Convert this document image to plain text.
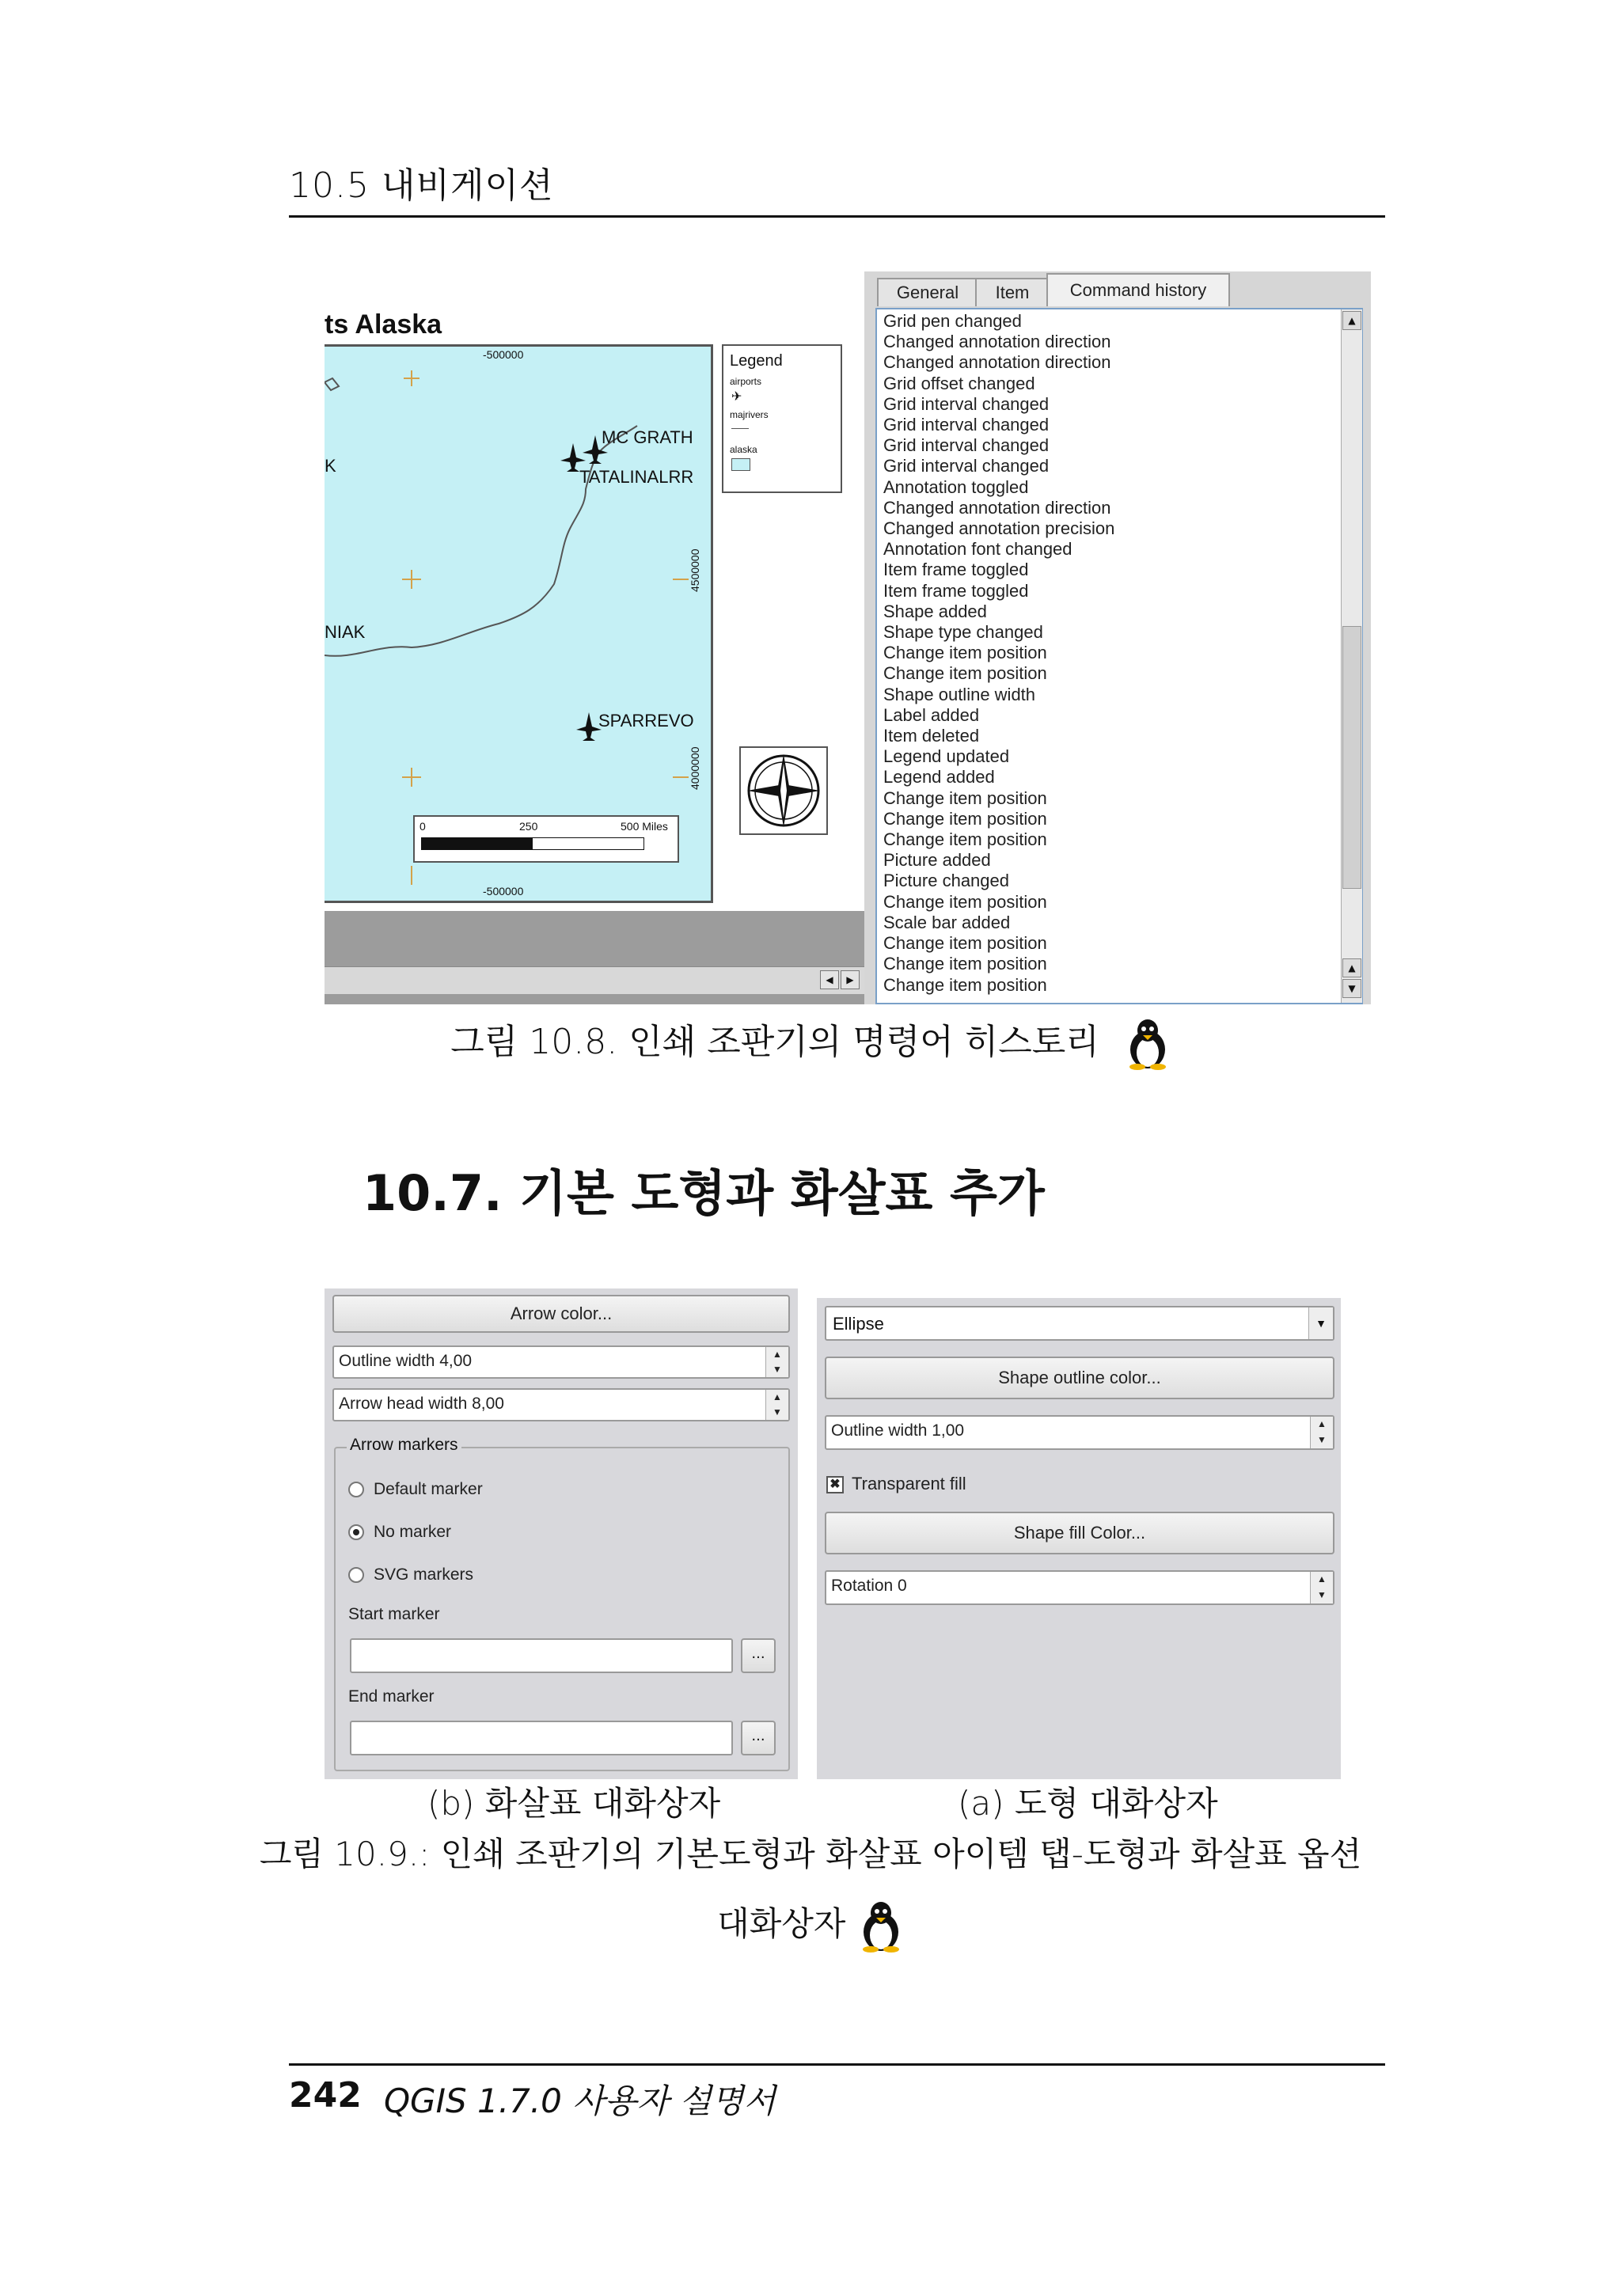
10.5 내비게이션
ts Alaska
-500000
-500000
4500000
4000000
MC GRATH
TATALINALRR
SPARREVO
NIAK
K
0	250	500 Miles
Legend
airports
✈
majrivers
alaska
▶
◀
General	Item	Command history
Grid pen changed
Changed annotation direction
Changed annotation direction
Grid offset changed
Grid interval changed
Grid interval changed
Grid interval changed
Grid interval changed
Annotation toggled
Changed annotation direction
Changed annotation precision
Annotation font changed
Item frame toggled
Item frame toggled
Shape added
Shape type changed
Change item position
Change item position
Shape outline width
Label added
Item deleted
Legend updated
Legend added
Change item position
Change item position
Change item position
Picture added
Picture changed
Change item position
Scale bar added
Change item position
Change item position
Change item position
▲
▲
▼
그림 10.8. 인쇄 조판기의 명령어 히스토리
10.7. 기본 도형과 화살표 추가
Arrow color...
Outline width 4,00	▲
▼
Arrow head width 8,00	▲
▼
Arrow markers
Default marker
No marker
SVG markers
Start marker
...
End marker
...
Ellipse	▼
Shape outline color...
Outline width 1,00	▲
▼
✖ Transparent fill
Shape fill Color...
Rotation 0	▲
▼
(b) 화살표 대화상자	(a) 도형 대화상자
그림 10.9.: 인쇄 조판기의 기본도형과 화살표 아이템 탭-도형과 화살표 옵션
대화상자
242 QGIS 1.7.0 사용자 설명서
